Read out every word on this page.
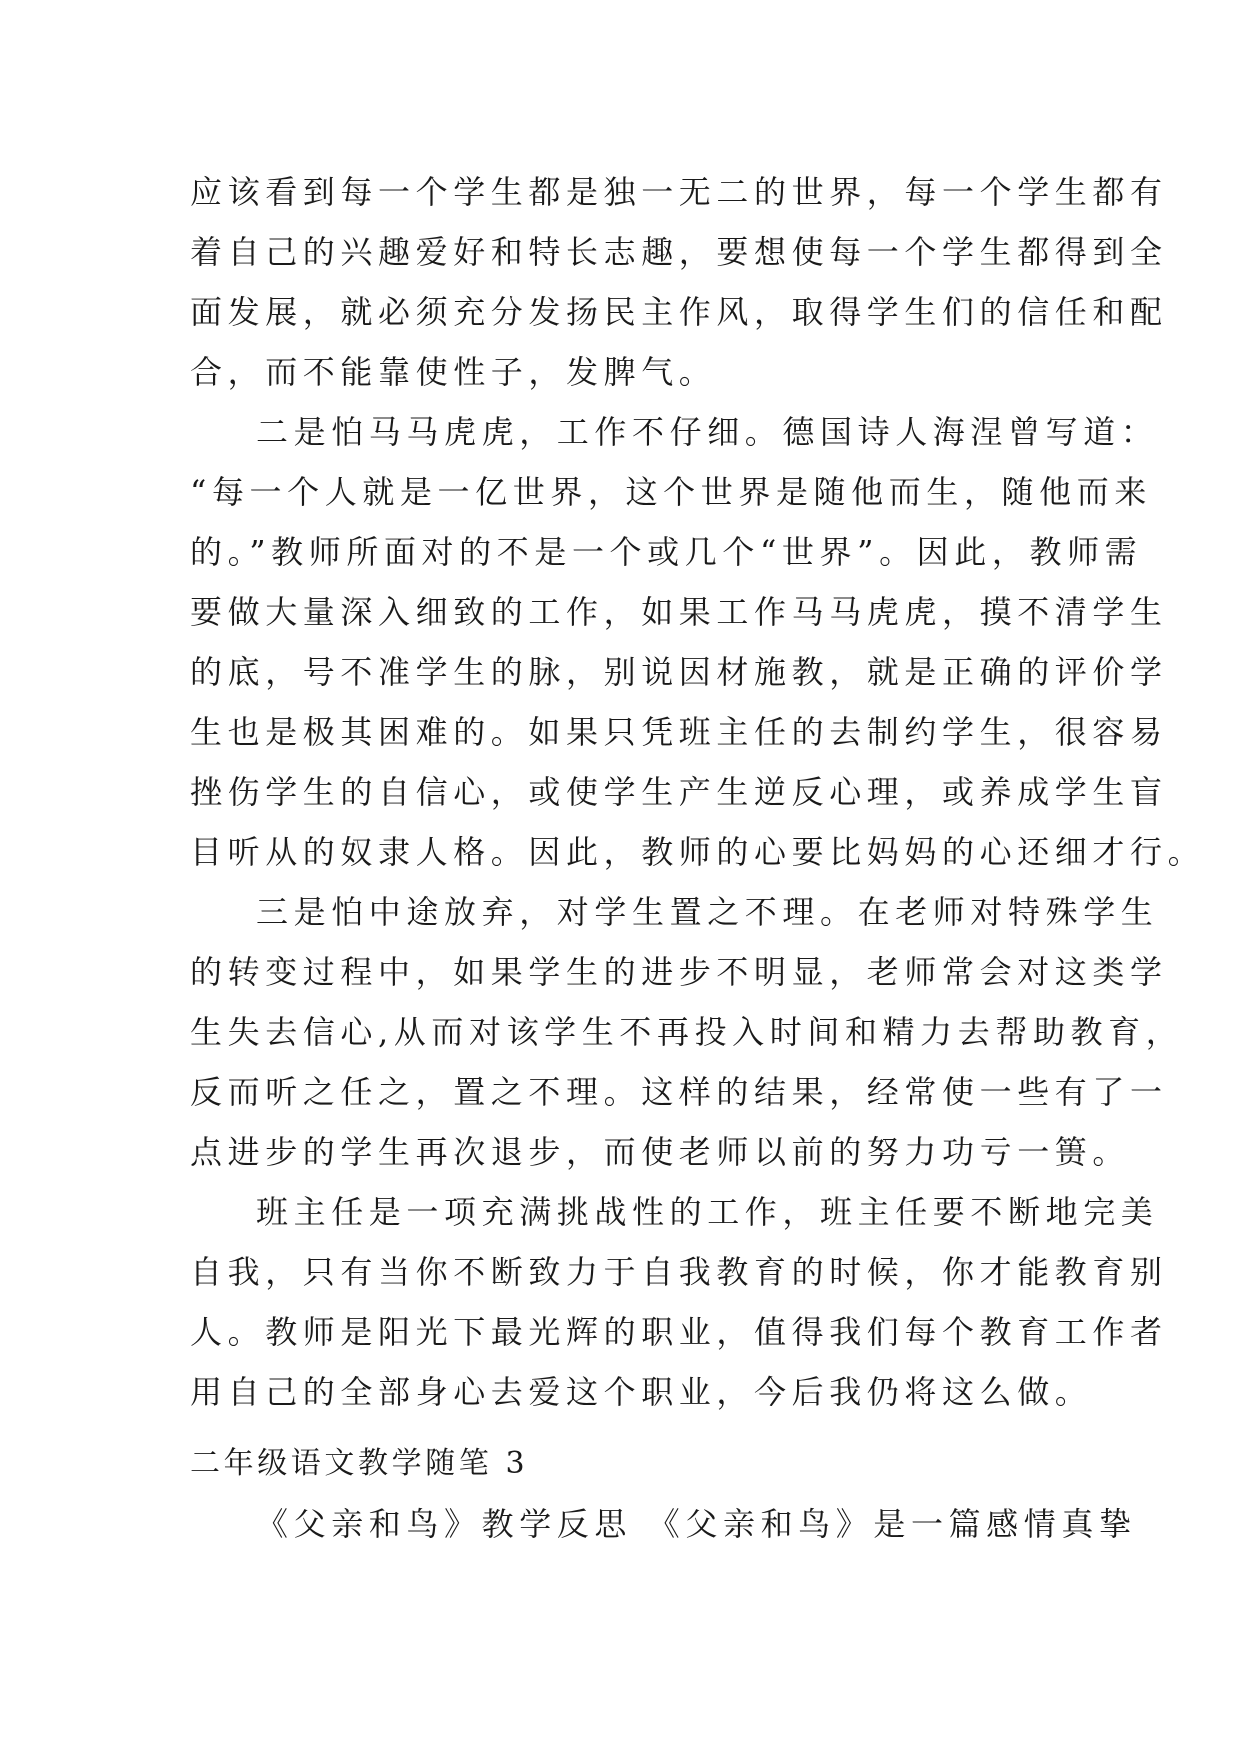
应该看到每一个学生都是独一无二的世界，每一个学生都有
着自己的兴趣爱好和特长志趣，要想使每一个学生都得到全
面发展，就必须充分发扬民主作风，取得学生们的信任和配
合，而不能靠使性子，发脾气。
二是怕马马虎虎，工作不仔细。德国诗人海涅曾写道：
“每一个人就是一亿世界，这个世界是随他而生，随他而来
的。”教师所面对的不是一个或几个“世界”。因此，教师需
要做大量深入细致的工作，如果工作马马虎虎，摸不清学生
的底，号不准学生的脉，别说因材施教，就是正确的评价学
生也是极其困难的。如果只凭班主任的去制约学生，很容易
挫伤学生的自信心，或使学生产生逆反心理，或养成学生盲
目听从的奴隶人格。因此，教师的心要比妈妈的心还细才行。
三是怕中途放弃，对学生置之不理。在老师对特殊学生
的转变过程中，如果学生的进步不明显，老师常会对这类学
生失去信心,从而对该学生不再投入时间和精力去帮助教育，
反而听之任之，置之不理。这样的结果，经常使一些有了一
点进步的学生再次退步，而使老师以前的努力功亏一篑。
班主任是一项充满挑战性的工作，班主任要不断地完美
自我，只有当你不断致力于自我教育的时候，你才能教育别
人。教师是阳光下最光辉的职业，值得我们每个教育工作者
用自己的全部身心去爱这个职业，今后我仍将这么做。
二年级语文教学随笔 3
《父亲和鸟》教学反思 《父亲和鸟》是一篇感情真挚
